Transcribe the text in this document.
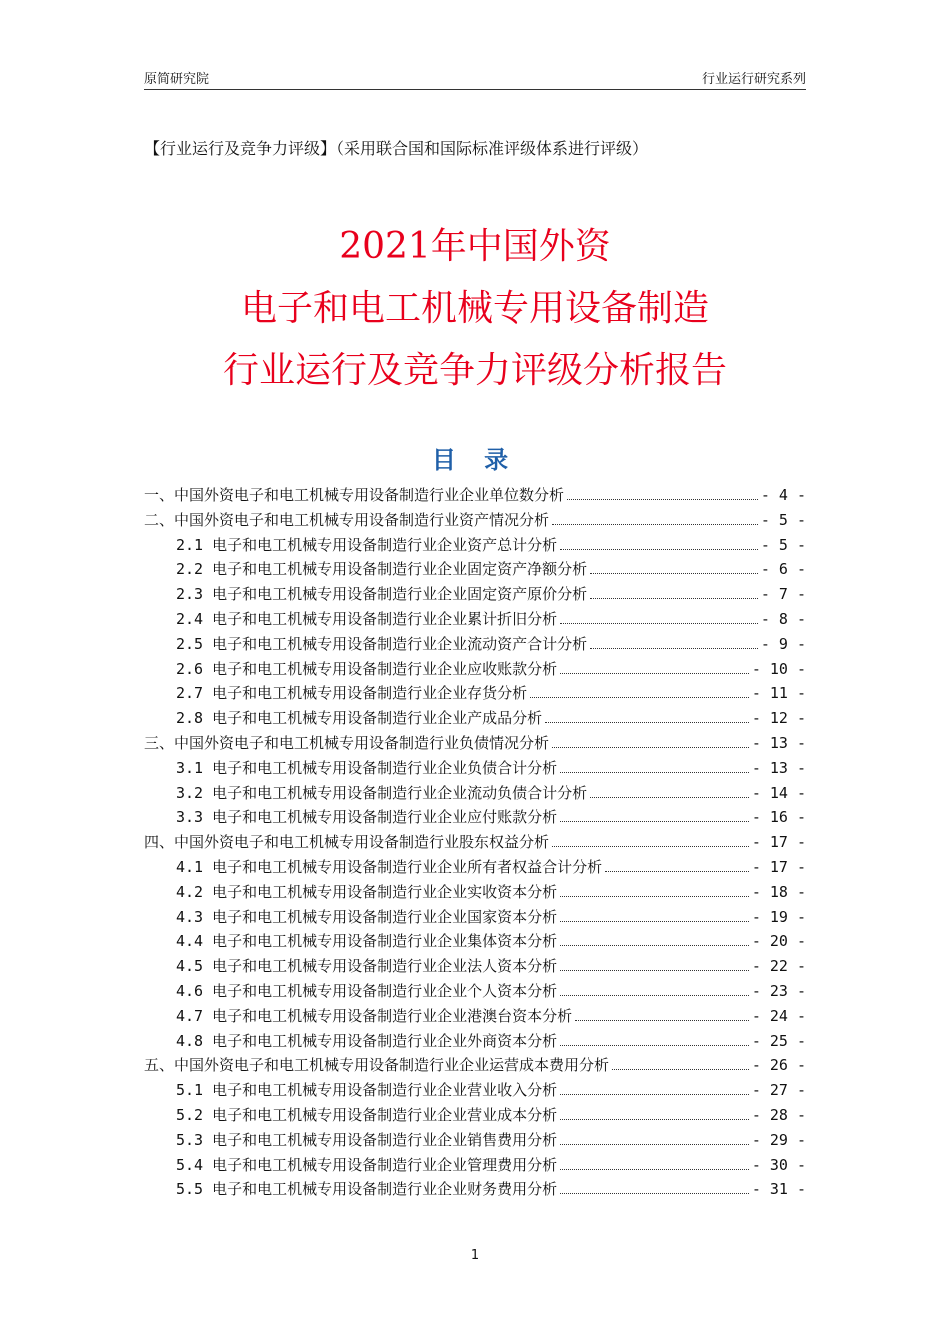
原简研究院	行业运行研究系列
【行业运行及竞争力评级】（采用联合国和国际标准评级体系进行评级）
2021年中国外资
电子和电工机械专用设备制造
行业运行及竞争力评级分析报告
目 录
一、中国外资电子和电工机械专用设备制造行业企业单位数分析	- 4 -
二、中国外资电子和电工机械专用设备制造行业资产情况分析	- 5 -
2.1 电子和电工机械专用设备制造行业企业资产总计分析	- 5 -
2.2 电子和电工机械专用设备制造行业企业固定资产净额分析	- 6 -
2.3 电子和电工机械专用设备制造行业企业固定资产原价分析	- 7 -
2.4 电子和电工机械专用设备制造行业企业累计折旧分析	- 8 -
2.5 电子和电工机械专用设备制造行业企业流动资产合计分析	- 9 -
2.6 电子和电工机械专用设备制造行业企业应收账款分析	- 10 -
2.7 电子和电工机械专用设备制造行业企业存货分析	- 11 -
2.8 电子和电工机械专用设备制造行业企业产成品分析	- 12 -
三、中国外资电子和电工机械专用设备制造行业负债情况分析	- 13 -
3.1 电子和电工机械专用设备制造行业企业负债合计分析	- 13 -
3.2 电子和电工机械专用设备制造行业企业流动负债合计分析	- 14 -
3.3 电子和电工机械专用设备制造行业企业应付账款分析	- 16 -
四、中国外资电子和电工机械专用设备制造行业股东权益分析	- 17 -
4.1 电子和电工机械专用设备制造行业企业所有者权益合计分析	- 17 -
4.2 电子和电工机械专用设备制造行业企业实收资本分析	- 18 -
4.3 电子和电工机械专用设备制造行业企业国家资本分析	- 19 -
4.4 电子和电工机械专用设备制造行业企业集体资本分析	- 20 -
4.5 电子和电工机械专用设备制造行业企业法人资本分析	- 22 -
4.6 电子和电工机械专用设备制造行业企业个人资本分析	- 23 -
4.7 电子和电工机械专用设备制造行业企业港澳台资本分析	- 24 -
4.8 电子和电工机械专用设备制造行业企业外商资本分析	- 25 -
五、中国外资电子和电工机械专用设备制造行业企业运营成本费用分析	- 26 -
5.1 电子和电工机械专用设备制造行业企业营业收入分析	- 27 -
5.2 电子和电工机械专用设备制造行业企业营业成本分析	- 28 -
5.3 电子和电工机械专用设备制造行业企业销售费用分析	- 29 -
5.4 电子和电工机械专用设备制造行业企业管理费用分析	- 30 -
5.5 电子和电工机械专用设备制造行业企业财务费用分析	- 31 -
1
